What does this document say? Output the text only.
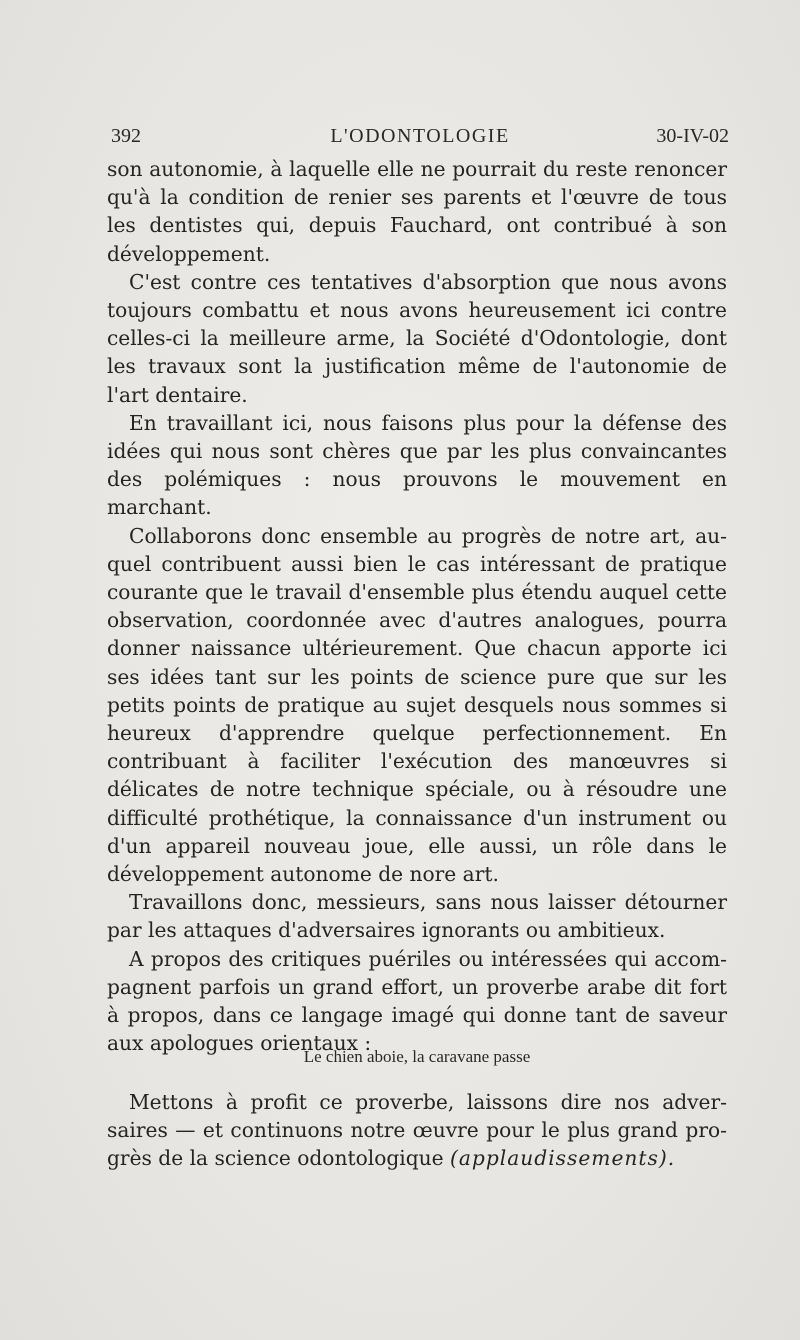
392	L'ODONTOLOGIE	30-IV-02

son autonomie, à laquelle elle ne pourrait du reste renoncer qu'à la condition de renier ses parents et l'œuvre de tous les dentistes qui, depuis Fauchard, ont contribué à son développement.

C'est contre ces tentatives d'absorption que nous avons toujours combattu et nous avons heureusement ici contre celles-ci la meilleure arme, la Société d'Odontologie, dont les travaux sont la justification même de l'autonomie de l'art dentaire.

En travaillant ici, nous faisons plus pour la défense des idées qui nous sont chères que par les plus convaincantes des polémiques : nous prouvons le mouvement en marchant.

Collaborons donc ensemble au progrès de notre art, auquel contribuent aussi bien le cas intéressant de pratique courante que le travail d'ensemble plus étendu auquel cette observation, coordonnée avec d'autres analogues, pourra donner naissance ultérieurement. Que chacun apporte ici ses idées tant sur les points de science pure que sur les petits points de pratique au sujet desquels nous sommes si heureux d'apprendre quelque perfectionnement. En contribuant à faciliter l'exécution des manœuvres si délicates de notre technique spéciale, ou à résoudre une difficulté prothétique, la connaissance d'un instrument ou d'un appareil nouveau joue, elle aussi, un rôle dans le développement autonome de nore art.

Travaillons donc, messieurs, sans nous laisser détourner par les attaques d'adversaires ignorants ou ambitieux.

A propos des critiques puériles ou intéressées qui accompagnent parfois un grand effort, un proverbe arabe dit fort à propos, dans ce langage imagé qui donne tant de saveur aux apologues orientaux :

Le chien aboie, la caravane passe

Mettons à profit ce proverbe, laissons dire nos adversaires — et continuons notre œuvre pour le plus grand progrès de la science odontologique (applaudissements).
